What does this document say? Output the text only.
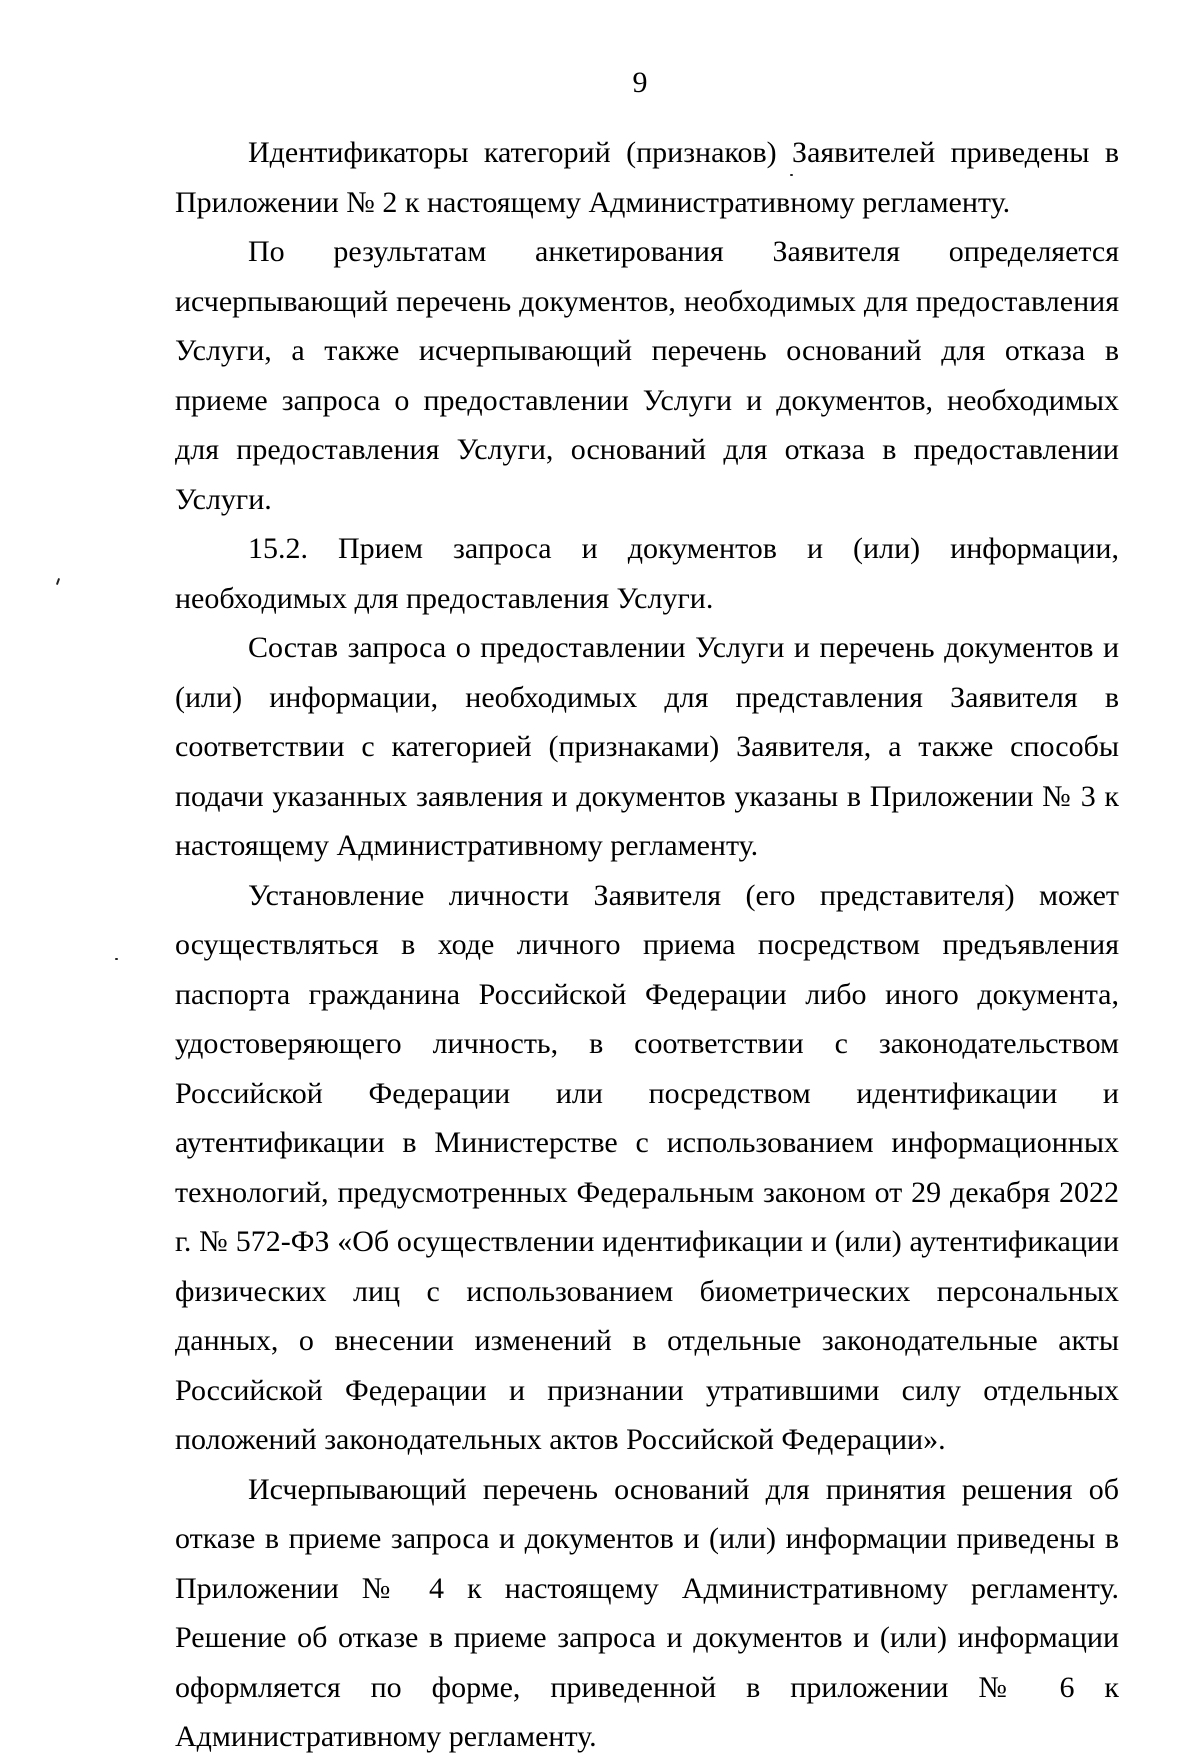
9

Идентификаторы категорий (признаков) Заявителей приведены в Приложении № 2 к настоящему Административному регламенту.

По результатам анкетирования Заявителя определяется исчерпывающий перечень документов, необходимых для предоставления Услуги, а также исчерпывающий перечень оснований для отказа в приеме запроса о предоставлении Услуги и документов, необходимых для предоставления Услуги, оснований для отказа в предоставлении Услуги.

15.2. Прием запроса и документов и (или) информации, необходимых для предоставления Услуги.

Состав запроса о предоставлении Услуги и перечень документов и (или) информации, необходимых для представления Заявителя в соответствии с категорией (признаками) Заявителя, а также способы подачи указанных заявления и документов указаны в Приложении № 3 к настоящему Административному регламенту.

Установление личности Заявителя (его представителя) может осуществляться в ходе личного приема посредством предъявления паспорта гражданина Российской Федерации либо иного документа, удостоверяющего личность, в соответствии с законодательством Российской Федерации или посредством идентификации и аутентификации в Министерстве с использованием информационных технологий, предусмотренных Федеральным законом от 29 декабря 2022 г. № 572-ФЗ «Об осуществлении идентификации и (или) аутентификации физических лиц с использованием биометрических персональных данных, о внесении изменений в отдельные законодательные акты Российской Федерации и признании утратившими силу отдельных положений законодательных актов Российской Федерации».

Исчерпывающий перечень оснований для принятия решения об отказе в приеме запроса и документов и (или) информации приведены в Приложении № 4 к настоящему Административному регламенту. Решение об отказе в приеме запроса и документов и (или) информации оформляется по форме, приведенной в приложении № 6 к Административному регламенту.
